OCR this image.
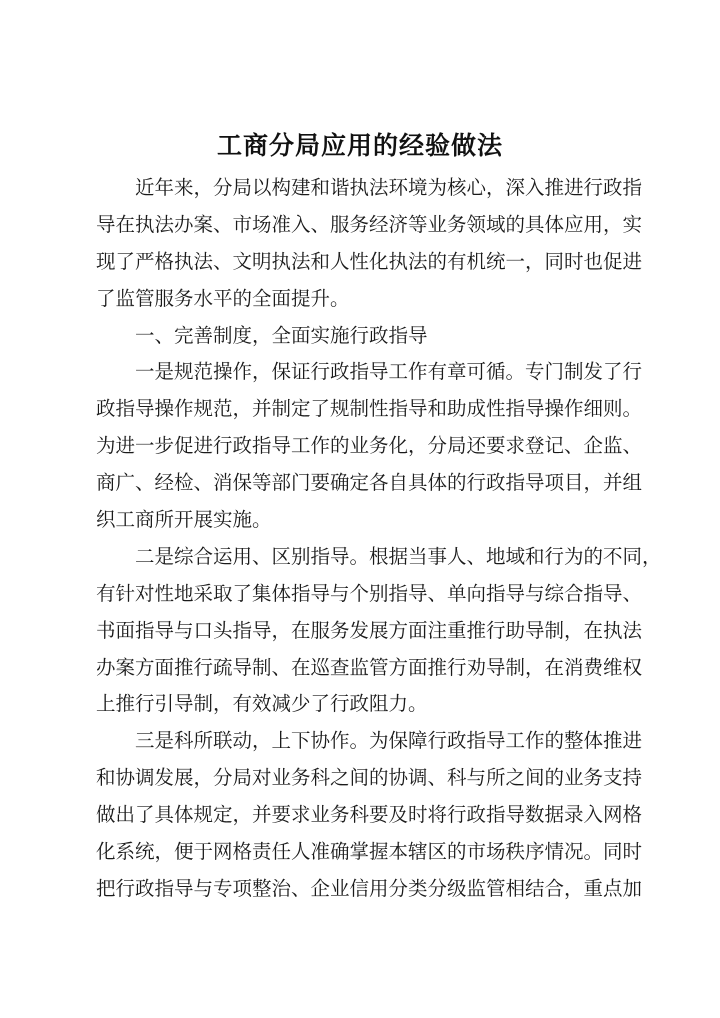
工商分局应用的经验做法
近年来，分局以构建和谐执法环境为核心，深入推进行政指
导在执法办案、市场准入、服务经济等业务领域的具体应用，实
现了严格执法、文明执法和人性化执法的有机统一，同时也促进
了监管服务水平的全面提升。
一、完善制度，全面实施行政指导
一是规范操作，保证行政指导工作有章可循。专门制发了行
政指导操作规范，并制定了规制性指导和助成性指导操作细则。
为进一步促进行政指导工作的业务化，分局还要求登记、企监、
商广、经检、消保等部门要确定各自具体的行政指导项目，并组
织工商所开展实施。
二是综合运用、区别指导。根据当事人、地域和行为的不同，
有针对性地采取了集体指导与个别指导、单向指导与综合指导、
书面指导与口头指导，在服务发展方面注重推行助导制，在执法
办案方面推行疏导制、在巡查监管方面推行劝导制，在消费维权
上推行引导制，有效减少了行政阻力。
三是科所联动，上下协作。为保障行政指导工作的整体推进
和协调发展，分局对业务科之间的协调、科与所之间的业务支持
做出了具体规定，并要求业务科要及时将行政指导数据录入网格
化系统，便于网格责任人准确掌握本辖区的市场秩序情况。同时
把行政指导与专项整治、企业信用分类分级监管相结合，重点加
